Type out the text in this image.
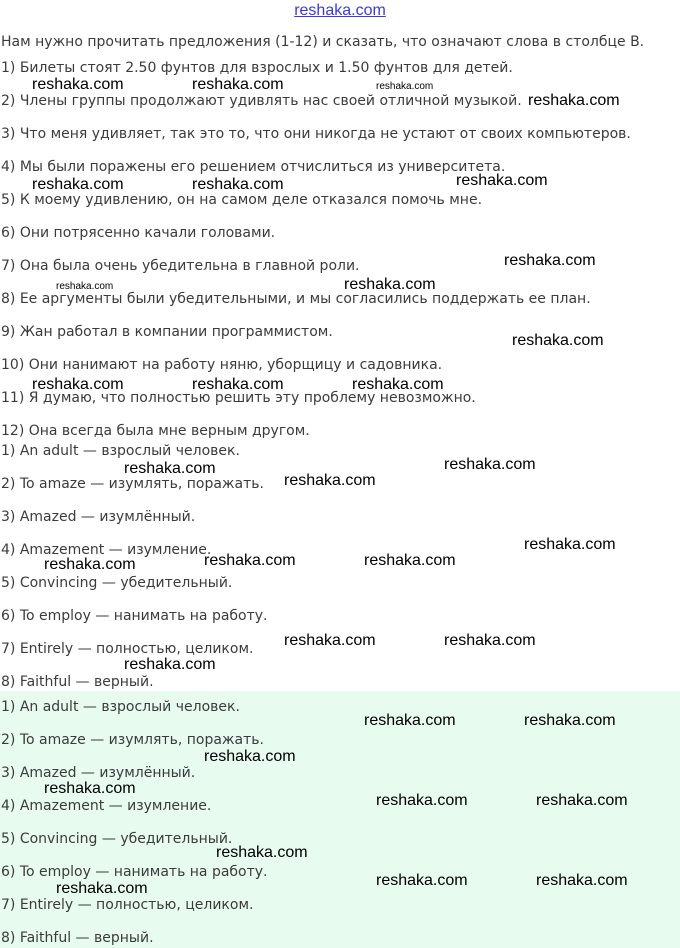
reshaka.com
Нам нужно прочитать предложения (1-12) и сказать, что означают слова в столбце B.
1) Билеты стоят 2.50 фунтов для взрослых и 1.50 фунтов для детей.
2) Члены группы продолжают удивлять нас своей отличной музыкой.
3) Что меня удивляет, так это то, что они никогда не устают от своих компьютеров.
4) Мы были поражены его решением отчислиться из университета.
5) К моему удивлению, он на самом деле отказался помочь мне.
6) Они потрясенно качали головами.
7) Она была очень убедительна в главной роли.
8) Ее аргументы были убедительными, и мы согласились поддержать ее план.
9) Жан работал в компании программистом.
10) Они нанимают на работу няню, уборщицу и садовника.
11) Я думаю, что полностью решить эту проблему невозможно.
12) Она всегда была мне верным другом.
1) An adult — взрослый человек.
2) To amaze — изумлять, поражать.
3) Amazed — изумлённый.
4) Amazement — изумление.
5) Convincing — убедительный.
6) To employ — нанимать на работу.
7) Entirely — полностью, целиком.
8) Faithful — верный.
1) An adult — взрослый человек.
2) To amaze — изумлять, поражать.
3) Amazed — изумлённый.
4) Amazement — изумление.
5) Convincing — убедительный.
6) To employ — нанимать на работу.
7) Entirely — полностью, целиком.
8) Faithful — верный.
reshaka.com	reshaka.com	reshaka.com
reshaka.com
reshaka.com	reshaka.com	reshaka.com
reshaka.com
reshaka.com	reshaka.com
reshaka.com
reshaka.com	reshaka.com	reshaka.com
reshaka.com	reshaka.com
reshaka.com
reshaka.com
reshaka.com	reshaka.com	reshaka.com
reshaka.com	reshaka.com
reshaka.com
reshaka.com	reshaka.com
reshaka.com
reshaka.com
reshaka.com	reshaka.com
reshaka.com
reshaka.com	reshaka.com
reshaka.com
